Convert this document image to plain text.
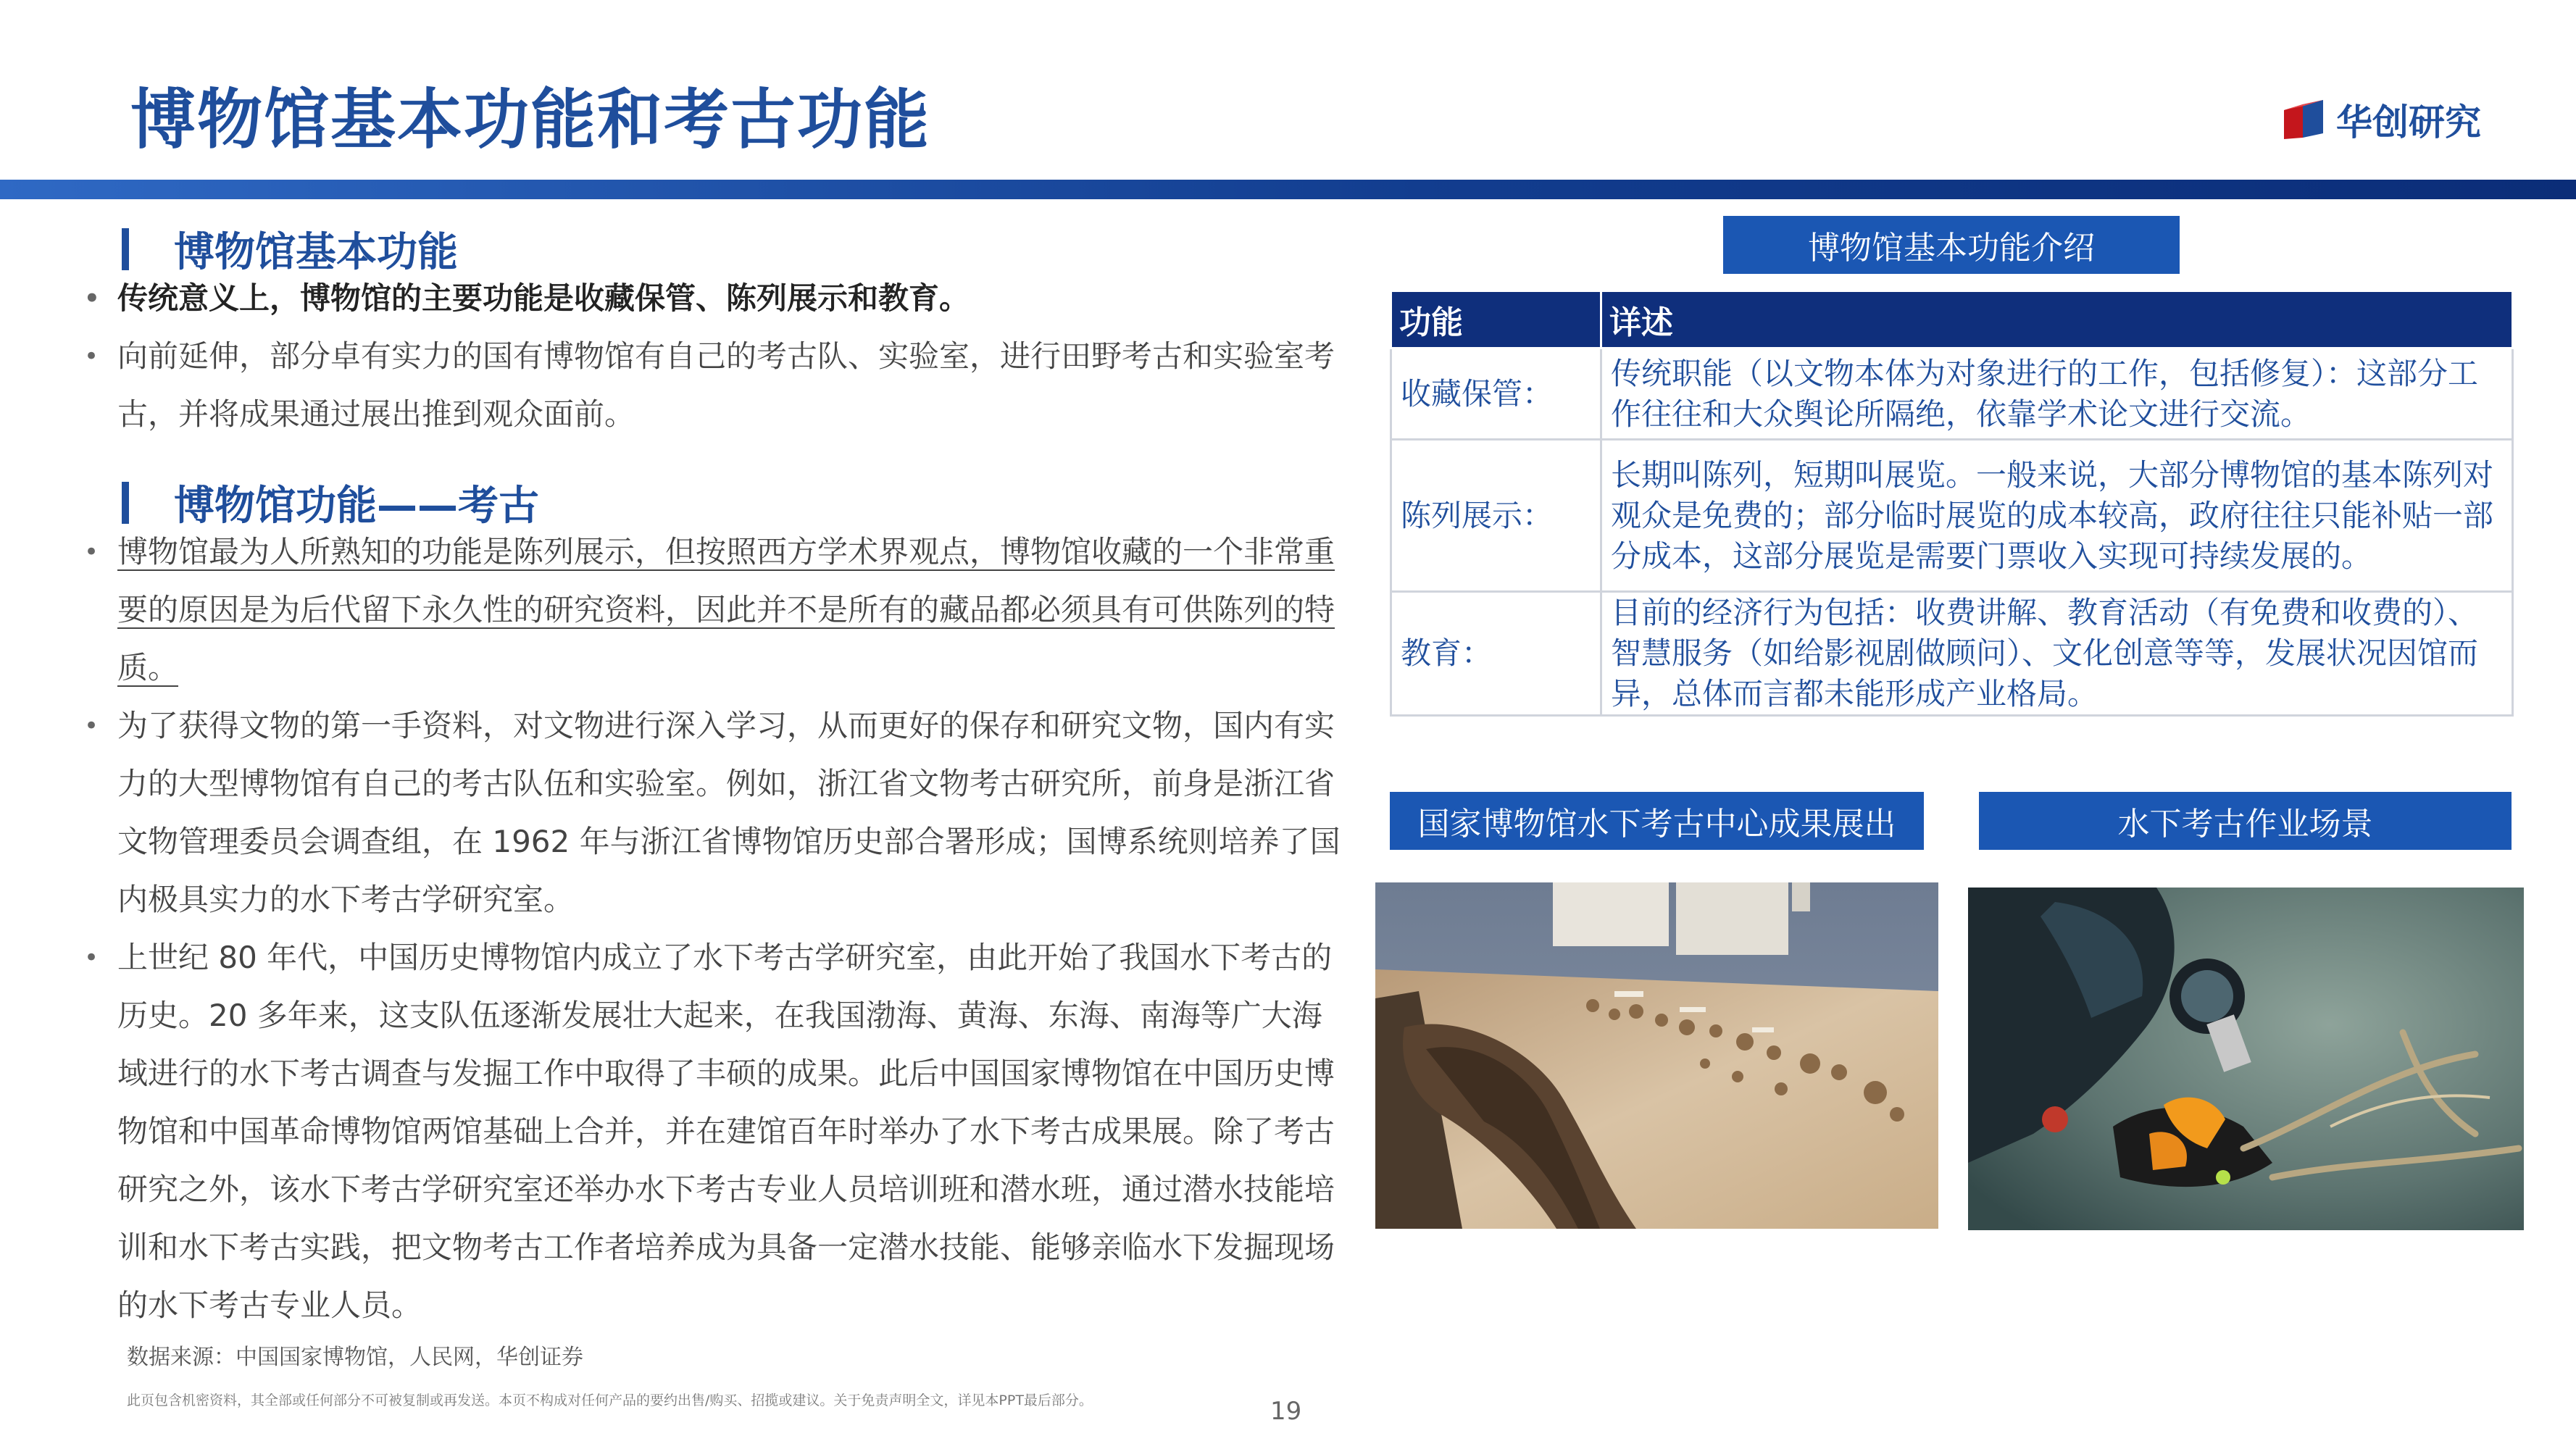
博物馆基本功能和考古功能	华创研究
博物馆基本功能
• 传统意义上，博物馆的主要功能是收藏保管、陈列展示和教育。
• 向前延伸，部分卓有实力的国有博物馆有自己的考古队、实验室，进行田野考古和实验室考古，并将成果通过展出推到观众面前。
博物馆功能——考古
• 博物馆最为人所熟知的功能是陈列展示，但按照西方学术界观点，博物馆收藏的一个非常重要的原因是为后代留下永久性的研究资料，因此并不是所有的藏品都必须具有可供陈列的特质。
• 为了获得文物的第一手资料，对文物进行深入学习，从而更好的保存和研究文物，国内有实力的大型博物馆有自己的考古队伍和实验室。例如，浙江省文物考古研究所，前身是浙江省文物管理委员会调查组，在 1962 年与浙江省博物馆历史部合署形成；国博系统则培养了国内极具实力的水下考古学研究室。
• 上世纪 80 年代，中国历史博物馆内成立了水下考古学研究室，由此开始了我国水下考古的历史。20 多年来，这支队伍逐渐发展壮大起来，在我国渤海、黄海、东海、南海等广大海域进行的水下考古调查与发掘工作中取得了丰硕的成果。此后中国国家博物馆在中国历史博物馆和中国革命博物馆两馆基础上合并，并在建馆百年时举办了水下考古成果展。除了考古研究之外，该水下考古学研究室还举办水下考古专业人员培训班和潜水班，通过潜水技能培训和水下考古实践，把文物考古工作者培养成为具备一定潜水技能、能够亲临水下发掘现场的水下考古专业人员。
数据来源：中国国家博物馆，人民网，华创证券
此页包含机密资料，其全部或任何部分不可被复制或再发送。本页不构成对任何产品的要约出售/购买、招揽或建议。关于免责声明全文，详见本PPT最后部分。	19
博物馆基本功能介绍
功能	详述
收藏保管：	传统职能（以文物本体为对象进行的工作，包括修复）：这部分工作往往和大众舆论所隔绝，依靠学术论文进行交流。
陈列展示：	长期叫陈列，短期叫展览。一般来说，大部分博物馆的基本陈列对观众是免费的；部分临时展览的成本较高，政府往往只能补贴一部分成本，这部分展览是需要门票收入实现可持续发展的。
教育：	目前的经济行为包括：收费讲解、教育活动（有免费和收费的）、智慧服务（如给影视剧做顾问）、文化创意等等，发展状况因馆而异，总体而言都未能形成产业格局。
国家博物馆水下考古中心成果展出	水下考古作业场景
